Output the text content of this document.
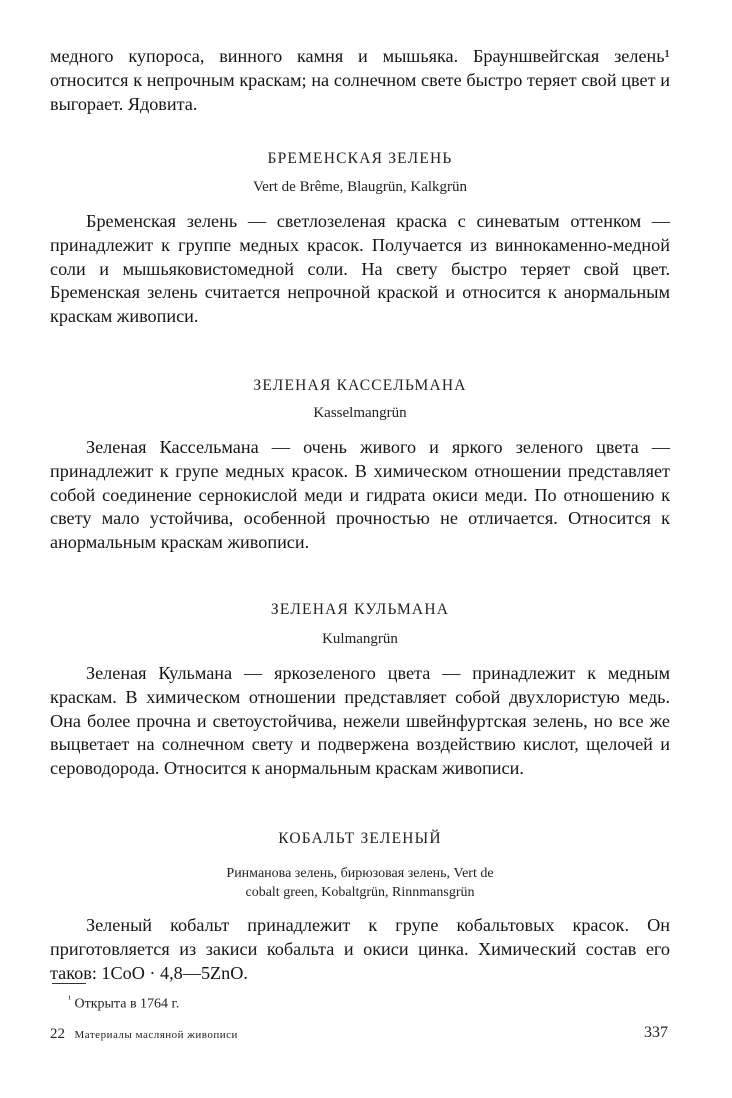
медного купороса, винного камня и мышьяка. Брауншвейгская зелень¹ относится к непрочным краскам; на солнечном свете быстро теряет свой цвет и выгорает. Ядовита.

БРЕМЕНСКАЯ ЗЕЛЕНЬ

Vert de Brême, Blaugrün, Kalkgrün

Бременская зелень — светлозеленая краска с синеватым оттенком — принадлежит к группе медных красок. Получается из виннокаменно-медной соли и мышьяковистомедной соли. На свету быстро теряет свой цвет. Бременская зелень считается непрочной краской и относится к анормальным краскам живописи.

ЗЕЛЕНАЯ КАССЕЛЬМАНА

Kasselmangrün

Зеленая Кассельмана — очень живого и яркого зеленого цвета — принадлежит к групе медных красок. В химическом отношении представляет собой соединение сернокислой меди и гидрата окиси меди. По отношению к свету мало устойчива, особенной прочностью не отличается. Относится к анормальным краскам живописи.

ЗЕЛЕНАЯ КУЛЬМАНА

Kulmangrün

Зеленая Кульмана — яркозеленого цвета — принадлежит к медным краскам. В химическом отношении представляет собой двухлористую медь. Она более прочна и светоустойчива, нежели швейнфуртская зелень, но все же выцветает на солнечном свету и подвержена воздействию кислот, щелочей и сероводорода. Относится к анормальным краскам живописи.

КОБАЛЬТ ЗЕЛЕНЫЙ

Ринманова зелень, бирюзовая зелень, Vert de

cobalt green, Kobaltgrün, Rinnmansgrün

Зеленый кобальт принадлежит к групе кобальтовых красок. Он приготовляется из закиси кобальта и окиси цинка. Химический состав его таков: 1СоО · 4,8—5ZnО.

$^{^1}$ Открыта в 1764 г.
22 Материалы масляной живописи	337
